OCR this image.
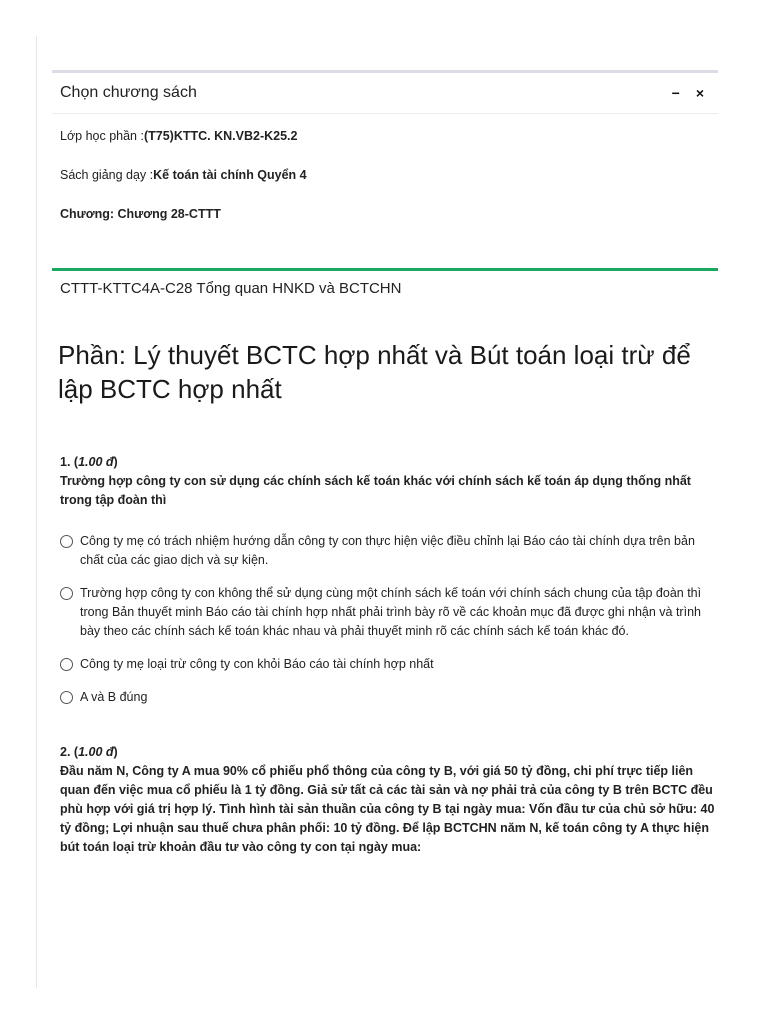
Chọn chương sách	− ×
Lớp học phần : (T75)KTTC. KN.VB2-K25.2
Sách giảng dạy : Kế toán tài chính Quyển 4
Chương: Chương 28-CTTT
CTTT-KTTC4A-C28 Tổng quan HNKD và BCTCHN
Phần: Lý thuyết BCTC hợp nhất và Bút toán loại trừ để lập BCTC hợp nhất
1. (1.00 đ)
Trường hợp công ty con sử dụng các chính sách kế toán khác với chính sách kế toán áp dụng thống nhất trong tập đoàn thì
Công ty mẹ có trách nhiệm hướng dẫn công ty con thực hiện việc điều chỉnh lại Báo cáo tài chính dựa trên bản chất của các giao dịch và sự kiện.
Trường hợp công ty con không thể sử dụng cùng một chính sách kế toán với chính sách chung của tập đoàn thì trong Bản thuyết minh Báo cáo tài chính hợp nhất phải trình bày rõ về các khoản mục đã được ghi nhận và trình bày theo các chính sách kế toán khác nhau và phải thuyết minh rõ các chính sách kế toán khác đó.
Công ty mẹ loại trừ công ty con khỏi Báo cáo tài chính hợp nhất
A và B đúng
2. (1.00 đ)
Đầu năm N, Công ty A mua 90% cổ phiếu phổ thông của công ty B, với giá 50 tỷ đồng, chi phí trực tiếp liên quan đến việc mua cổ phiếu là 1 tỷ đồng. Giả sử tất cả các tài sản và nợ phải trả của công ty B trên BCTC đều phù hợp với giá trị hợp lý. Tình hình tài sản thuần của công ty B tại ngày mua: Vốn đầu tư của chủ sở hữu: 40 tỷ đồng; Lợi nhuận sau thuế chưa phân phối: 10 tỷ đồng. Để lập BCTCHN năm N, kế toán công ty A thực hiện bút toán loại trừ khoản đầu tư vào công ty con tại ngày mua:
